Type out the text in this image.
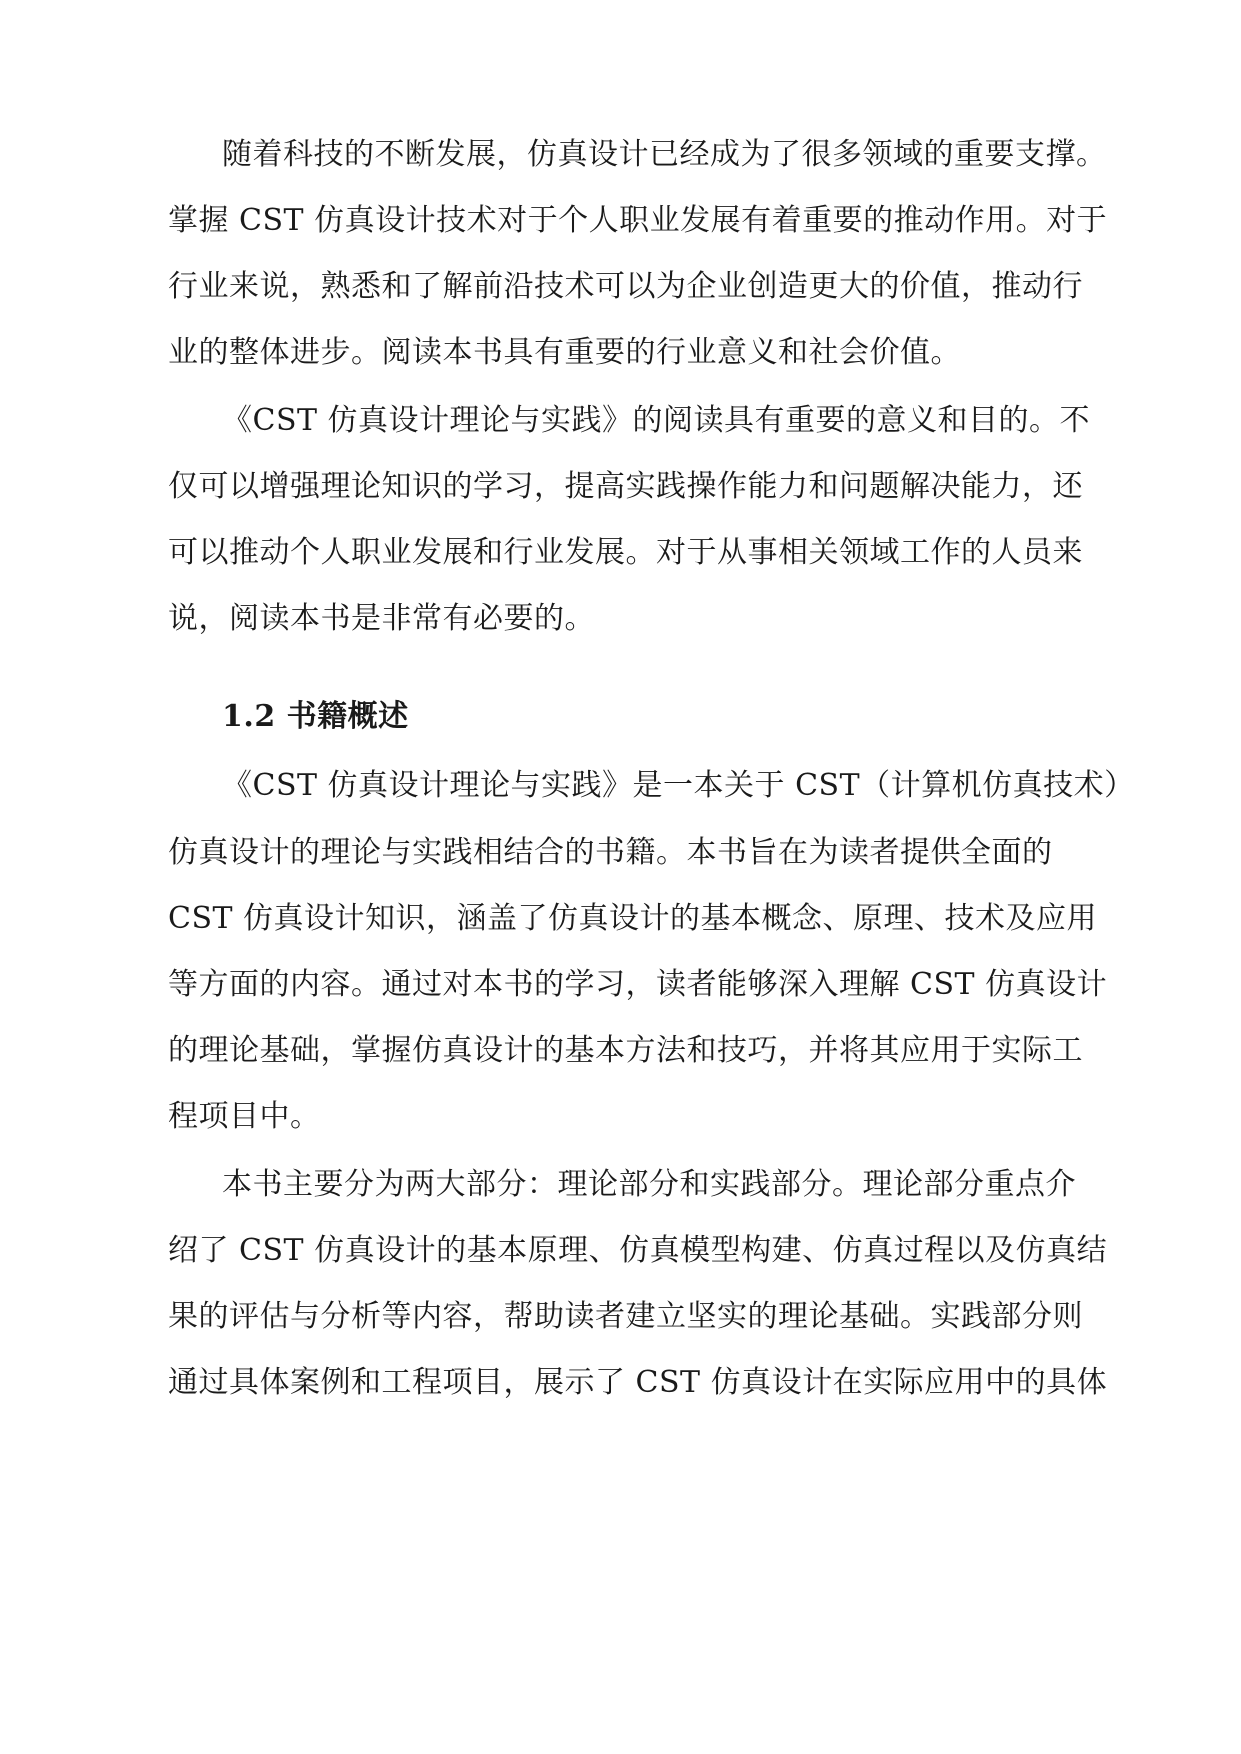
随着科技的不断发展，仿真设计已经成为了很多领域的重要支撑。
掌握 CST 仿真设计技术对于个人职业发展有着重要的推动作用。对于
行业来说，熟悉和了解前沿技术可以为企业创造更大的价值，推动行
业的整体进步。阅读本书具有重要的行业意义和社会价值。
《CST 仿真设计理论与实践》的阅读具有重要的意义和目的。不
仅可以增强理论知识的学习，提高实践操作能力和问题解决能力，还
可以推动个人职业发展和行业发展。对于从事相关领域工作的人员来
说，阅读本书是非常有必要的。
1.2 书籍概述
《CST 仿真设计理论与实践》是一本关于 CST（计算机仿真技术）
仿真设计的理论与实践相结合的书籍。本书旨在为读者提供全面的
CST 仿真设计知识，涵盖了仿真设计的基本概念、原理、技术及应用
等方面的内容。通过对本书的学习，读者能够深入理解 CST 仿真设计
的理论基础，掌握仿真设计的基本方法和技巧，并将其应用于实际工
程项目中。
本书主要分为两大部分：理论部分和实践部分。理论部分重点介
绍了 CST 仿真设计的基本原理、仿真模型构建、仿真过程以及仿真结
果的评估与分析等内容，帮助读者建立坚实的理论基础。实践部分则
通过具体案例和工程项目，展示了 CST 仿真设计在实际应用中的具体
